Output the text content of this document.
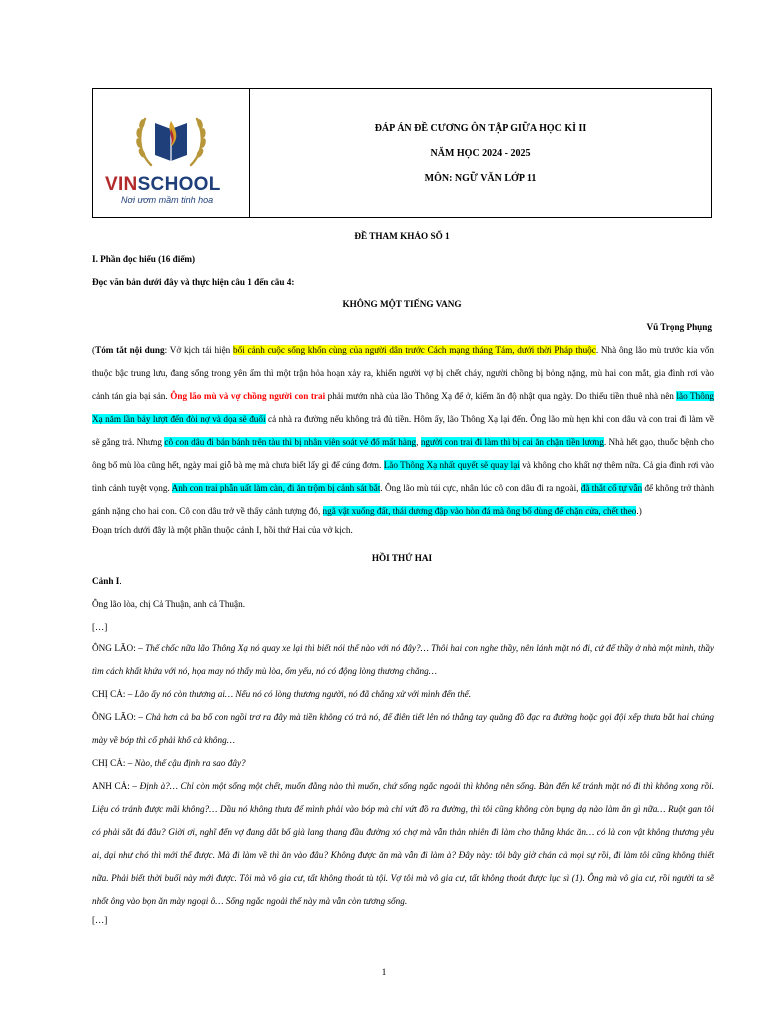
VINSCHOOL
Nơi ươm mầm tinh hoa
ĐÁP ÁN ĐỀ CƯƠNG ÔN TẬP GIỮA HỌC KÌ II
NĂM HỌC 2024 - 2025
MÔN: NGỮ VĂN LỚP 11
ĐỀ THAM KHẢO SỐ 1
I. Phần đọc hiểu (16 điểm)
Đọc văn bản dưới đây và thực hiện câu 1 đến câu 4:
KHÔNG MỘT TIẾNG VANG
Vũ Trọng Phụng
(Tóm tắt nội dung: Vở kịch tái hiện bối cảnh cuộc sống khốn cùng của người dân trước Cách mạng tháng Tám, dưới thời Pháp thuộc. Nhà ông lão mù trước kia vốn thuộc bậc trung lưu, đang sống trong yên ấm thì một trận hỏa hoạn xảy ra, khiến người vợ bị chết cháy, người chồng bị bỏng nặng, mù hai con mắt, gia đình rơi vào cảnh tán gia bại sản. Ông lão mù và vợ chồng người con trai phải mướn nhà của lão Thông Xạ để ở, kiếm ăn độ nhật qua ngày. Do thiếu tiền thuê nhà nên lão Thông Xạ năm lần bảy lượt đến đòi nợ và dọa sẽ đuổi cả nhà ra đường nếu không trả đủ tiền. Hôm ấy, lão Thông Xạ lại đến. Ông lão mù hẹn khi con dâu và con trai đi làm về sẽ gắng trả. Nhưng cô con dâu đi bán bánh trên tàu thì bị nhân viên soát vé đổ mất hàng, người con trai đi làm thì bị cai ăn chặn tiền lương. Nhà hết gạo, thuốc bệnh cho ông bố mù lòa cũng hết, ngày mai giỗ bà mẹ mà chưa biết lấy gì để cúng đơm. Lão Thông Xạ nhất quyết sẽ quay lại và không cho khất nợ thêm nữa. Cả gia đình rơi vào tình cảnh tuyệt vọng. Anh con trai phẫn uất làm càn, đi ăn trộm bị cảnh sát bắt. Ông lão mù túi cực, nhân lúc cô con dâu đi ra ngoài, đã thắt cổ tự vẫn để không trở thành gánh nặng cho hai con. Cô con dâu trở về thấy cảnh tượng đó, ngã vật xuống đất, thái dương đập vào hòn đá mà ông bố dùng để chặn cửa, chết theo.)
Đoạn trích dưới đây là một phần thuộc cảnh I, hồi thứ Hai của vở kịch.
HỒI THỨ HAI
Cảnh I.
Ông lão lòa, chị Cả Thuận, anh cả Thuận.
[…]
ÔNG LÃO: – Thế chốc nữa lão Thông Xạ nó quay xe lại thì biết nói thế nào với nó đây?… Thôi hai con nghe thầy, nên lánh mặt nó đi, cứ để thầy ở nhà một mình, thầy tìm cách khất khứa với nó, họa may nó thấy mù lòa, ốm yếu, nó có động lòng thương chăng…
CHỊ CẢ: – Lão ấy nó còn thương ai… Nếu nó có lòng thương người, nó đã chẳng xử với mình đến thế.
ÔNG LÃO: – Chả hơn cả ba bố con ngồi trơ ra đây mà tiền không có trả nó, để điên tiết lên nó thẳng tay quăng đồ đạc ra đường hoặc gọi đội xếp thưa bắt hai chúng mày về bóp thì cổ phải khổ cả không…
CHỊ CẢ: – Nào, thế cậu định ra sao đây?
ANH CẢ: – Định à?… Chỉ còn một sống một chết, muốn đằng nào thì muốn, chứ sống ngắc ngoải thì không nên sống. Bàn đến kế tránh mặt nó đi thì không xong rồi. Liệu có tránh được mãi không?… Dầu nó không thưa để mình phải vào bóp mà chỉ vứt đồ ra đường, thì tôi cũng không còn bụng dạ nào làm ăn gì nữa… Ruột gan tôi có phải sắt đá đâu? Giời ơi, nghĩ đến vợ đang dắt bố già lang thang đầu đường xó chợ mà vẫn thản nhiên đi làm cho thằng khác ăn… có là con vật không thương yêu ai, dại như chó thì mới thế được. Mà đi làm về thì ăn vào đâu? Không được ăn mà vẫn đi làm à? Đây này: tôi bây giờ chán cả mọi sự rồi, đi làm tôi cũng không thiết nữa. Phải biết thời buổi này mới được. Tôi mà vô gia cư, tất không thoát tù tội. Vợ tôi mà vô gia cư, tất không thoát được lục sì (1). Ông mà vô gia cư, rồi người ta sẽ nhốt ông vào bọn ăn mày ngoại ô… Sống ngắc ngoải thế này mà vẫn còn tương sống.
[…]
1
